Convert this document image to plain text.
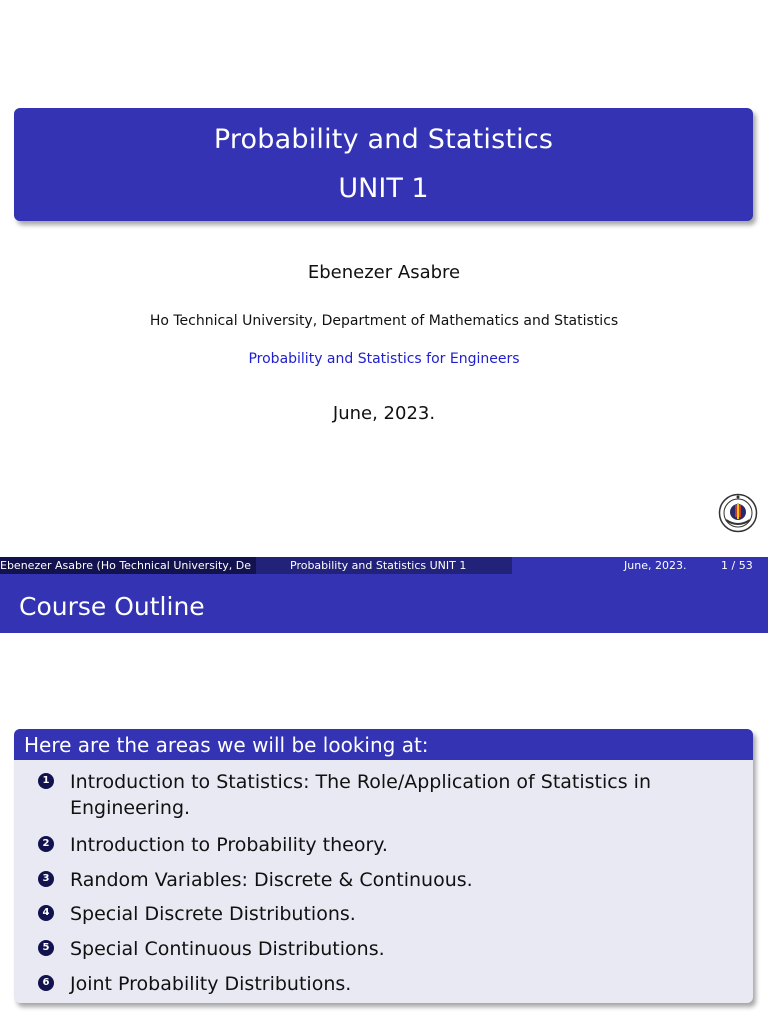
Probability and Statistics
UNIT 1
Ebenezer Asabre
Ho Technical University, Department of Mathematics and Statistics
Probability and Statistics for Engineers
June, 2023.
Ebenezer Asabre (Ho Technical University, De	Probability and Statistics UNIT 1	June, 2023.	1 / 53
Course Outline
Here are the areas we will be looking at:
1 Introduction to Statistics: The Role/Application of Statistics in Engineering.
2 Introduction to Probability theory.
3 Random Variables: Discrete & Continuous.
4 Special Discrete Distributions.
5 Special Continuous Distributions.
6 Joint Probability Distributions.
